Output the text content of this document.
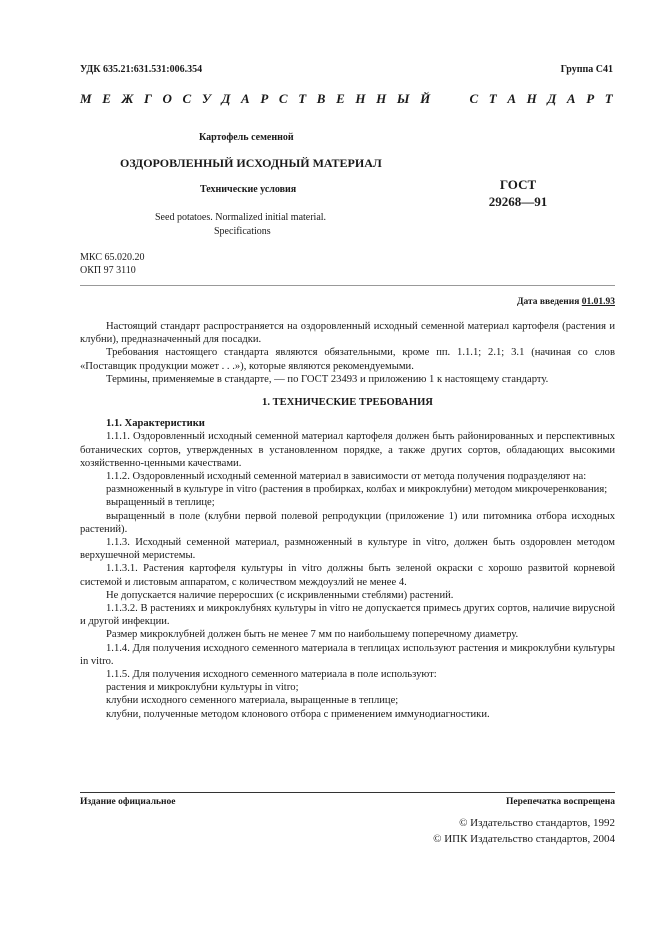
УДК 635.21:631.531:006.354	Группа С41
М Е Ж Г О С У Д А Р С Т В Е Н Н Ы Й	С Т А Н Д А Р Т
Картофель семенной
ОЗДОРОВЛЕННЫЙ ИСХОДНЫЙ МАТЕРИАЛ
Технические условия	ГОСТ
29268—91
Seed potatoes. Normalized initial material.
Specifications
МКС 65.020.20
ОКП 97 3110
Дата введения 01.01.93

Настоящий стандарт распространяется на оздоровленный исходный семенной материал картофеля (растения и клубни), предназначенный для посадки.

Требования настоящего стандарта являются обязательными, кроме пп. 1.1.1; 2.1; 3.1 (начиная со слов «Поставщик продукции может . . .»), которые являются рекомендуемыми.

Термины, применяемые в стандарте, — по ГОСТ 23493 и приложению 1 к настоящему стандарту.

1. ТЕХНИЧЕСКИЕ ТРЕБОВАНИЯ

1.1. Характеристики

1.1.1. Оздоровленный исходный семенной материал картофеля должен быть районированных и перспективных ботанических сортов, утвержденных в установленном порядке, а также других сортов, обладающих высокими хозяйственно-ценными качествами.

1.1.2. Оздоровленный исходный семенной материал в зависимости от метода получения подразделяют на:

размноженный в культуре in vitro (растения в пробирках, колбах и микроклубни) методом микрочеренкования;

выращенный в теплице;

выращенный в поле (клубни первой полевой репродукции (приложение 1) или питомника отбора исходных растений).

1.1.3. Исходный семенной материал, размноженный в культуре in vitro, должен быть оздоровлен методом верхушечной меристемы.

1.1.3.1. Растения картофеля культуры in vitro должны быть зеленой окраски с хорошо развитой корневой системой и листовым аппаратом, с количеством междоузлий не менее 4.

Не допускается наличие переросших (с искривленными стеблями) растений.

1.1.3.2. В растениях и микроклубнях культуры in vitro не допускается примесь других сортов, наличие вирусной и другой инфекции.

Размер микроклубней должен быть не менее 7 мм по наибольшему поперечному диаметру.

1.1.4. Для получения исходного семенного материала в теплицах используют растения и микроклубни культуры in vitro.

1.1.5. Для получения исходного семенного материала в поле используют:

растения и микроклубни культуры in vitro;

клубни исходного семенного материала, выращенные в теплице;

клубни, полученные методом клонового отбора с применением иммунодиагностики.

Издание официальное	Перепечатка воспрещена
© Издательство стандартов, 1992
© ИПК Издательство стандартов, 2004
